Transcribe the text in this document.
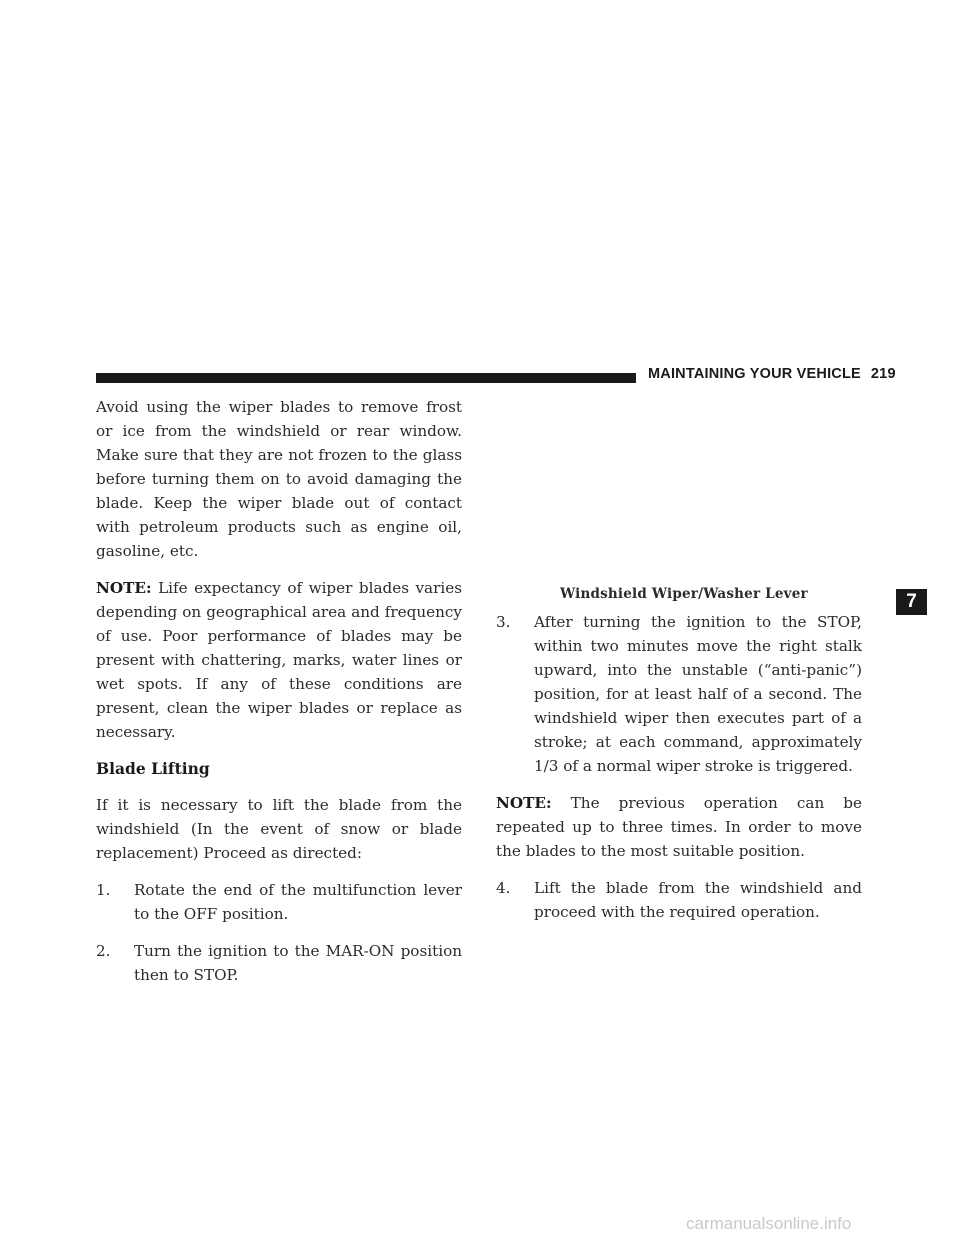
MAINTAINING YOUR VEHICLE 219

Avoid using the wiper blades to remove frost or ice from the windshield or rear window. Make sure that they are not frozen to the glass before turning them on to avoid damaging the blade. Keep the wiper blade out of contact with petroleum products such as engine oil, gasoline, etc.

NOTE: Life expectancy of wiper blades varies depending on geographical area and frequency of use. Poor performance of blades may be present with chattering, marks, water lines or wet spots. If any of these conditions are present, clean the wiper blades or replace as necessary.

Blade Lifting

If it is necessary to lift the blade from the windshield (In the event of snow or blade replacement) Proceed as directed:

1.	Rotate the end of the multifunction lever to the OFF position.
2.	Turn the ignition to the MAR-ON position then to STOP.
Windshield Wiper/Washer Lever	7
3.	After turning the ignition to the STOP, within two minutes move the right stalk upward, into the unstable (“anti-panic”) position, for at least half of a second. The windshield wiper then executes part of a stroke; at each command, approximately 1/3 of a normal wiper stroke is triggered.

NOTE: The previous operation can be repeated up to three times. In order to move the blades to the most suitable position.

4.	Lift the blade from the windshield and proceed with the required operation.
carmanualsonline.info
